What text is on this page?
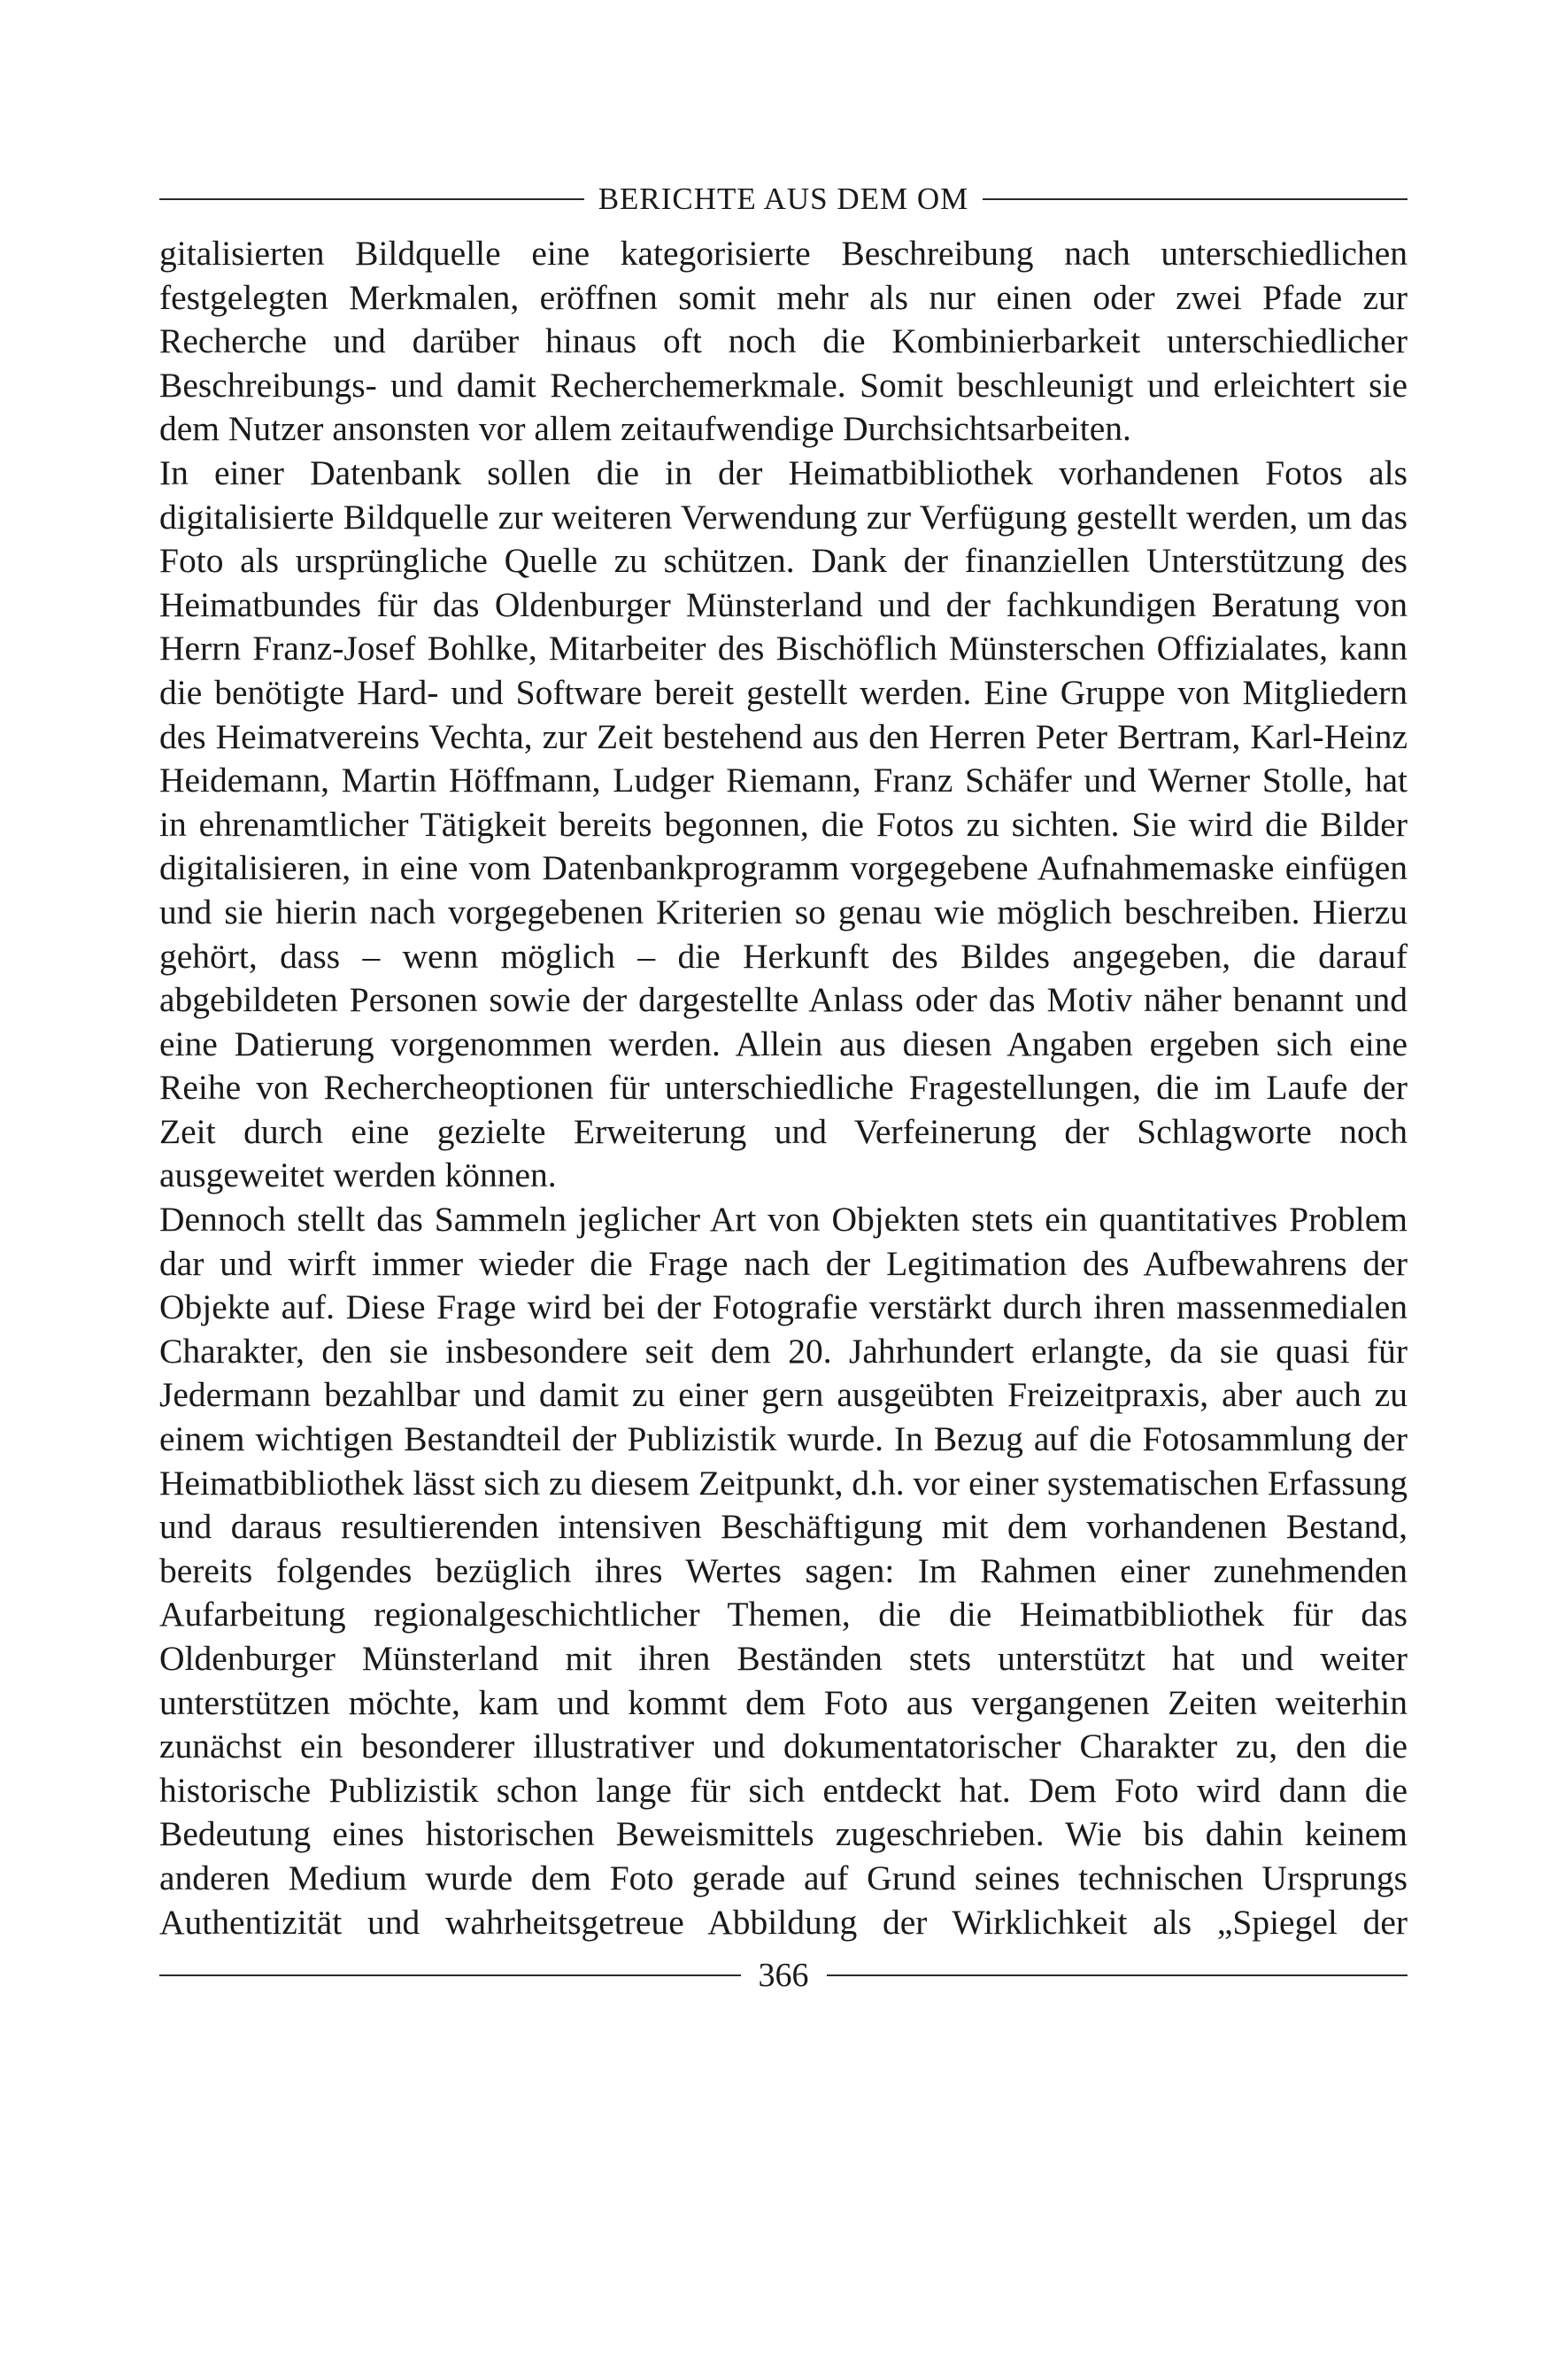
BERICHTE AUS DEM OM

gitalisierten Bildquelle eine kategorisierte Beschreibung nach unterschiedlichen festgelegten Merkmalen, eröffnen somit mehr als nur einen oder zwei Pfade zur Recherche und darüber hinaus oft noch die Kombinierbarkeit unterschiedlicher Beschreibungs- und damit Recherchemerkmale. Somit beschleunigt und erleichtert sie dem Nutzer ansonsten vor allem zeitaufwendige Durchsichtsarbeiten.

In einer Datenbank sollen die in der Heimatbibliothek vorhandenen Fotos als digitalisierte Bildquelle zur weiteren Verwendung zur Verfügung gestellt werden, um das Foto als ursprüngliche Quelle zu schützen. Dank der finanziellen Unterstützung des Heimatbundes für das Oldenburger Münsterland und der fachkundigen Beratung von Herrn Franz-Josef Bohlke, Mitarbeiter des Bischöflich Münsterschen Offizialates, kann die benötigte Hard- und Software bereit gestellt werden. Eine Gruppe von Mitgliedern des Heimatvereins Vechta, zur Zeit bestehend aus den Herren Peter Bertram, Karl-Heinz Heidemann, Martin Höffmann, Ludger Riemann, Franz Schäfer und Werner Stolle, hat in ehrenamtlicher Tätigkeit bereits begonnen, die Fotos zu sichten. Sie wird die Bilder digitalisieren, in eine vom Datenbankprogramm vorgegebene Aufnahmemaske einfügen und sie hierin nach vorgegebenen Kriterien so genau wie möglich beschreiben. Hierzu gehört, dass – wenn möglich – die Herkunft des Bildes angegeben, die darauf abgebildeten Personen sowie der dargestellte Anlass oder das Motiv näher benannt und eine Datierung vorgenommen werden. Allein aus diesen Angaben ergeben sich eine Reihe von Rechercheoptionen für unterschiedliche Fragestellungen, die im Laufe der Zeit durch eine gezielte Erweiterung und Verfeinerung der Schlagworte noch ausgeweitet werden können.

Dennoch stellt das Sammeln jeglicher Art von Objekten stets ein quantitatives Problem dar und wirft immer wieder die Frage nach der Legitimation des Aufbewahrens der Objekte auf. Diese Frage wird bei der Fotografie verstärkt durch ihren massenmedialen Charakter, den sie insbesondere seit dem 20. Jahrhundert erlangte, da sie quasi für Jedermann bezahlbar und damit zu einer gern ausgeübten Freizeitpraxis, aber auch zu einem wichtigen Bestandteil der Publizistik wurde. In Bezug auf die Fotosammlung der Heimatbibliothek lässt sich zu diesem Zeitpunkt, d.h. vor einer systematischen Erfassung und daraus resultierenden intensiven Beschäftigung mit dem vorhandenen Bestand, bereits folgendes bezüglich ihres Wertes sagen: Im Rahmen einer zunehmenden Aufarbeitung regionalgeschichtlicher Themen, die die Heimatbibliothek für das Oldenburger Münsterland mit ihren Beständen stets unterstützt hat und weiter unterstützen möchte, kam und kommt dem Foto aus vergangenen Zeiten weiterhin zunächst ein besonderer illustrativer und dokumentatorischer Charakter zu, den die historische Publizistik schon lange für sich entdeckt hat. Dem Foto wird dann die Bedeutung eines historischen Beweismittels zugeschrieben. Wie bis dahin keinem anderen Medium wurde dem Foto gerade auf Grund seines technischen Ursprungs Authentizität und wahrheitsgetreue Abbildung der Wirklichkeit als „Spiegel der

366
